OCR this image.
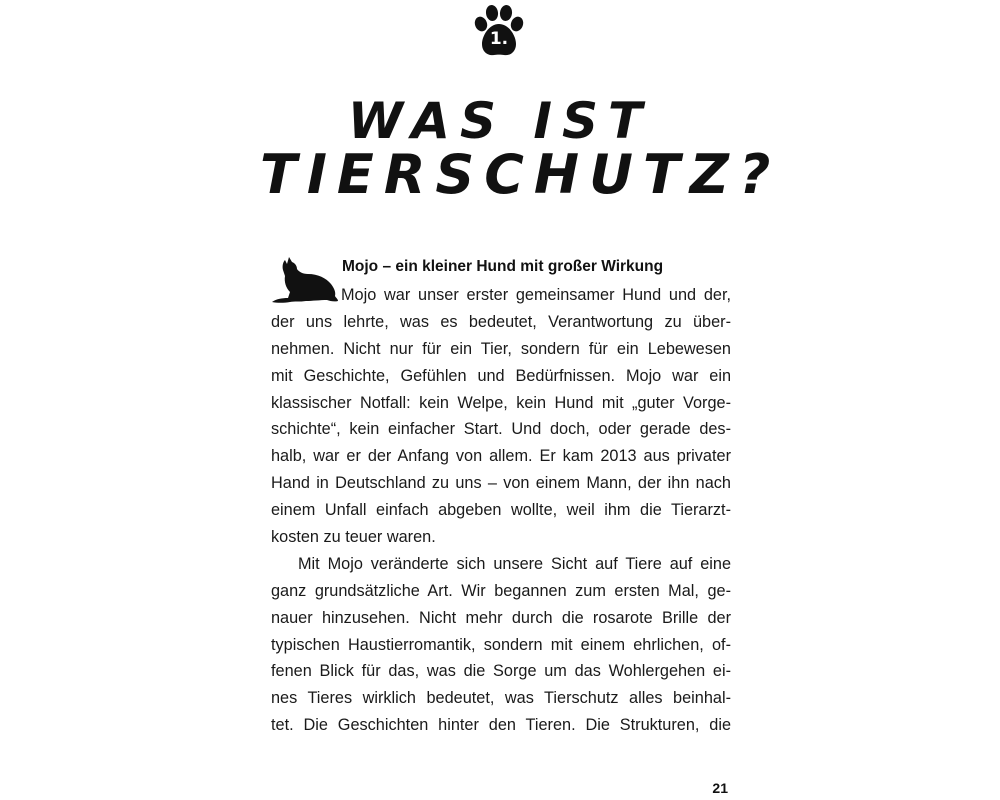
1.
WAS IST
TIERSCHUTZ?
Mojo – ein kleiner Hund mit großer Wirkung
Mojo war unser erster gemeinsamer Hund und der,
der uns lehrte, was es bedeutet, Verantwortung zu über-
nehmen. Nicht nur für ein Tier, sondern für ein Lebewesen
mit Geschichte, Gefühlen und Bedürfnissen. Mojo war ein
klassischer Notfall: kein Welpe, kein Hund mit „guter Vorge-
schichte“, kein einfacher Start. Und doch, oder gerade des-
halb, war er der Anfang von allem. Er kam 2013 aus privater
Hand in Deutschland zu uns – von einem Mann, der ihn nach
einem Unfall einfach abgeben wollte, weil ihm die Tierarzt-
kosten zu teuer waren.
Mit Mojo veränderte sich unsere Sicht auf Tiere auf eine
ganz grundsätzliche Art. Wir begannen zum ersten Mal, ge-
nauer hinzusehen. Nicht mehr durch die rosarote Brille der
typischen Haustierromantik, sondern mit einem ehrlichen, of-
fenen Blick für das, was die Sorge um das Wohlergehen ei-
nes Tieres wirklich bedeutet, was Tierschutz alles beinhal-
tet. Die Geschichten hinter den Tieren. Die Strukturen, die
21
